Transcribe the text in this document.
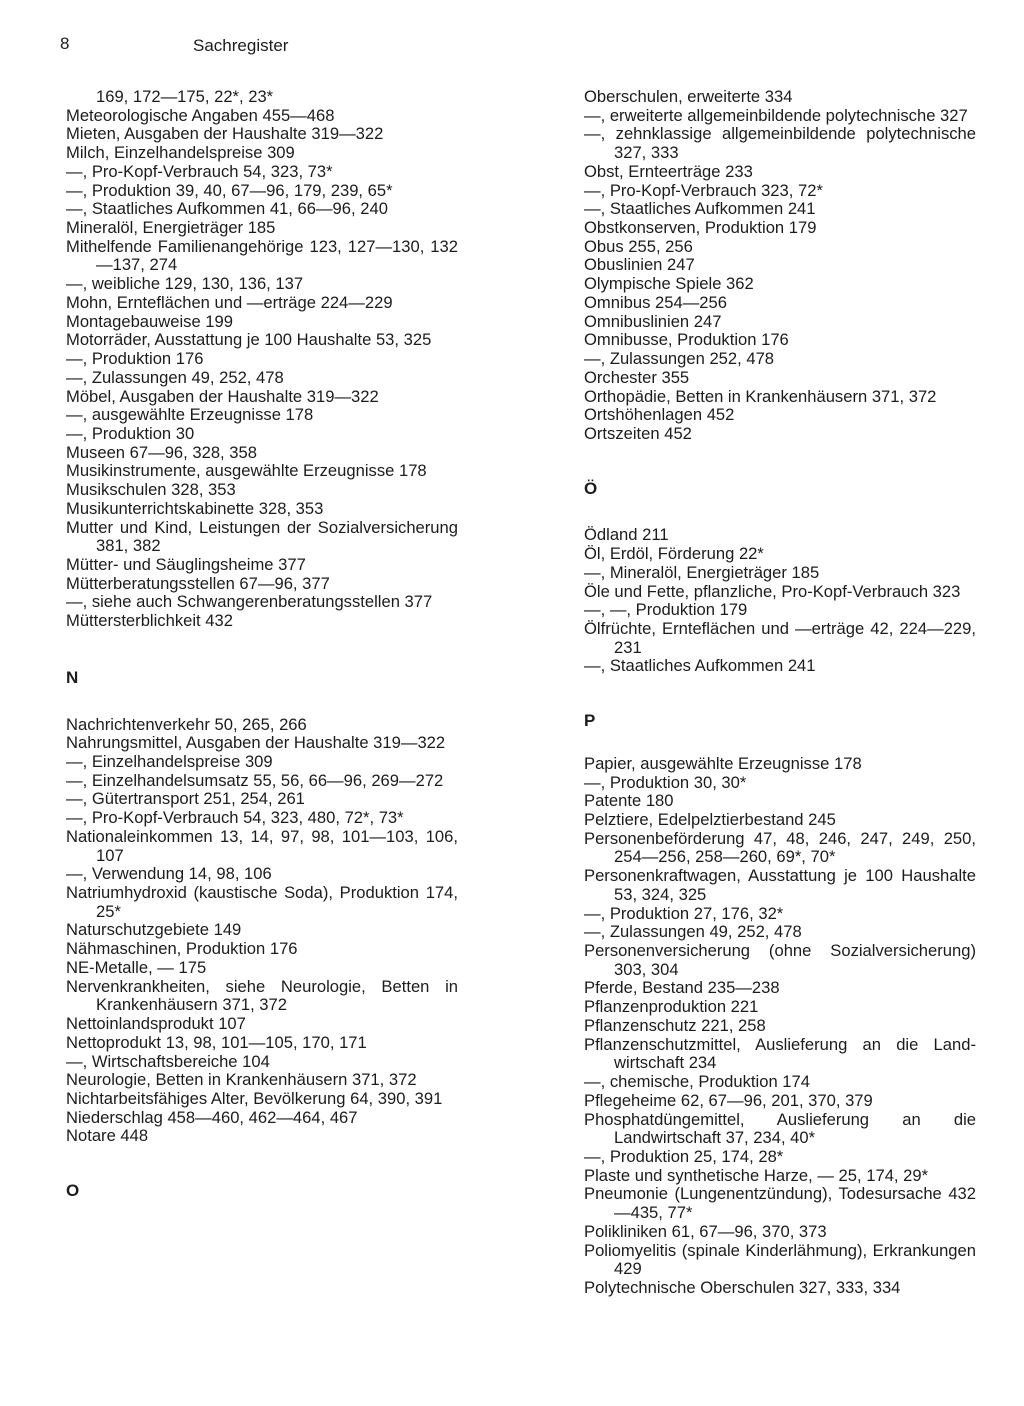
8	Sachregister
169, 172—175, 22*, 23*
Meteorologische Angaben 455—468
Mieten, Ausgaben der Haushalte 319—322
Milch, Einzelhandelspreise 309
—, Pro-Kopf-Verbrauch 54, 323, 73*
—, Produktion 39, 40, 67—96, 179, 239, 65*
—, Staatliches Aufkommen 41, 66—96, 240
Mineralöl, Energieträger 185
Mithelfende Familienangehörige 123, 127—130, 132—137, 274
—, weibliche 129, 130, 136, 137
Mohn, Ernteflächen und —erträge 224—229
Montagebauweise 199
Motorräder, Ausstattung je 100 Haushalte 53, 325
—, Produktion 176
—, Zulassungen 49, 252, 478
Möbel, Ausgaben der Haushalte 319—322
—, ausgewählte Erzeugnisse 178
—, Produktion 30
Museen 67—96, 328, 358
Musikinstrumente, ausgewählte Erzeugnisse 178
Musikschulen 328, 353
Musikunterrichtskabinette 328, 353
Mutter und Kind, Leistungen der Sozialversicherung 381, 382
Mütter- und Säuglingsheime 377
Mütterberatungsstellen 67—96, 377
—, siehe auch Schwangerenberatungsstellen 377
Müttersterblichkeit 432
N
Nachrichtenverkehr 50, 265, 266
Nahrungsmittel, Ausgaben der Haushalte 319—322
—, Einzelhandelspreise 309
—, Einzelhandelsumsatz 55, 56, 66—96, 269—272
—, Gütertransport 251, 254, 261
—, Pro-Kopf-Verbrauch 54, 323, 480, 72*, 73*
Nationaleinkommen 13, 14, 97, 98, 101—103, 106, 107
—, Verwendung 14, 98, 106
Natriumhydroxid (kaustische Soda), Produktion 174, 25*
Naturschutzgebiete 149
Nähmaschinen, Produktion 176
NE-Metalle, — 175
Nervenkrankheiten, siehe Neurologie, Betten in Krankenhäusern 371, 372
Nettoinlandsprodukt 107
Nettoprodukt 13, 98, 101—105, 170, 171
—, Wirtschaftsbereiche 104
Neurologie, Betten in Krankenhäusern 371, 372
Nichtarbeitsfähiges Alter, Bevölkerung 64, 390, 391
Niederschlag 458—460, 462—464, 467
Notare 448
O
Oberschulen, erweiterte 334
—, erweiterte allgemeinbildende polytechnische 327
—, zehnklassige allgemeinbildende polytechnische 327, 333
Obst, Ernteerträge 233
—, Pro-Kopf-Verbrauch 323, 72*
—, Staatliches Aufkommen 241
Obstkonserven, Produktion 179
Obus 255, 256
Obuslinien 247
Olympische Spiele 362
Omnibus 254—256
Omnibuslinien 247
Omnibusse, Produktion 176
—, Zulassungen 252, 478
Orchester 355
Orthopädie, Betten in Krankenhäusern 371, 372
Ortshöhenlagen 452
Ortszeiten 452
Ö
Ödland 211
Öl, Erdöl, Förderung 22*
—, Mineralöl, Energieträger 185
Öle und Fette, pflanzliche, Pro-Kopf-Verbrauch 323
—, —, Produktion 179
Ölfrüchte, Ernteflächen und —erträge 42, 224—229, 231
—, Staatliches Aufkommen 241
P
Papier, ausgewählte Erzeugnisse 178
—, Produktion 30, 30*
Patente 180
Pelztiere, Edelpelztierbestand 245
Personenbeförderung 47, 48, 246, 247, 249, 250, 254—256, 258—260, 69*, 70*
Personenkraftwagen, Ausstattung je 100 Haushalte 53, 324, 325
—, Produktion 27, 176, 32*
—, Zulassungen 49, 252, 478
Personenversicherung (ohne Sozialversicherung) 303, 304
Pferde, Bestand 235—238
Pflanzenproduktion 221
Pflanzenschutz 221, 258
Pflanzenschutzmittel, Auslieferung an die Landwirtschaft 234
—, chemische, Produktion 174
Pflegeheime 62, 67—96, 201, 370, 379
Phosphatdüngemittel, Auslieferung an die Landwirtschaft 37, 234, 40*
—, Produktion 25, 174, 28*
Plaste und synthetische Harze, — 25, 174, 29*
Pneumonie (Lungenentzündung), Todesursache 432—435, 77*
Polikliniken 61, 67—96, 370, 373
Poliomyelitis (spinale Kinderlähmung), Erkrankungen 429
Polytechnische Oberschulen 327, 333, 334
